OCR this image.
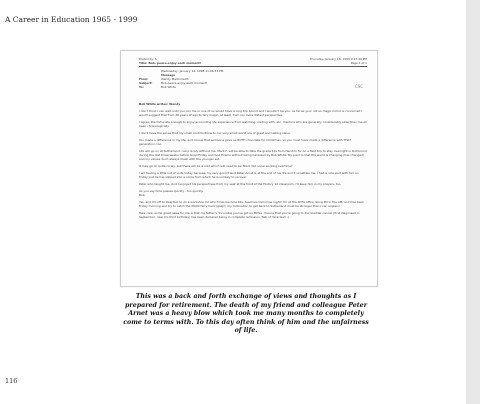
A Career in Education 1965 - 1999
Posted by: S
Title: Bob- peace-enjoy each moment!
Thursday, January 18, 1999 9:13:40 PM
Page 1 of 1
Wednesday, January 14, 1998 11:06:33 PM
Message
From:	Wendy Marburauth
Subject:	Bob-peace-enjoy each moment!
To:	Bob White	CSC

Bob White writes: Wendy

I don't think I can wait until you join me or one of us would have a long trip bound and I wouldn't be you. As far as your not so magic rumor is concerned I would suggest that from 30 years of ego to lazy magic, at least, from my more distant perspective.

I agree, the fortunate enough to enjoy accounting life experience from watching, visiting with, etc. mentors who are generally considerably older than me all been chronologically.

I don't have the sense that my small contributions to our very small world are of great and lasting value.

You made a difference in my life, and I know that someone gave us BOTH chocolate for Christmas, so you must have made a difference with THAT generation, too.

Life will go on at Sutherland - very nicely without me. Mark F. will be able to take the grade 12s from Hendrix for on a field trip to stay overnight in Richmond during the last three weeks before Good Friday and God Exams without being harassed by Bob White. My point is that the world is changing (has changed) and my values don't always mesh with the younger set.

It may go on quite nicely, but there will be a void which will need to be filled. Did snow working overtime?

I am feeling a little out of sorts today because my very good friend Peter Arnet is at the end of his life and it unsettles me. I had a nice visit with him on Friday just he has slipped into a coma from which he is unlikely to recover.

Peter who taught me. And I enjoyed his perspectives from my seat at the front of the History 12 classroom. I'll keep him in my prayers, too.

As you say time passes quickly - too quickly.

Bob

Yes, and I'm off to Deerfoot to do a workshop for which has become 60+ teachers tomorrow night! I'm at the NYFA office doing PD in the AM, so I'll be back Friday morning and try to catch the 06/00 ferry back (gasp!) my motivation to get back to Sutherland must be stronger than I can explain!

Take care, some great news for me is that my father's 'incurable you've got an 80%+ chance that you're going to die' bladder cancer (first diagnosed in September, near his third birthday) has been declared being in complete remission. Talk of miracles!! :)

This was a back and forth exchange of views and thoughts as I prepared for retirement. The death of my friend and colleague Peter Arnet was a heavy blow which took me many months to completely come to terms with. To this day often think of him and the unfairness of life.
116
